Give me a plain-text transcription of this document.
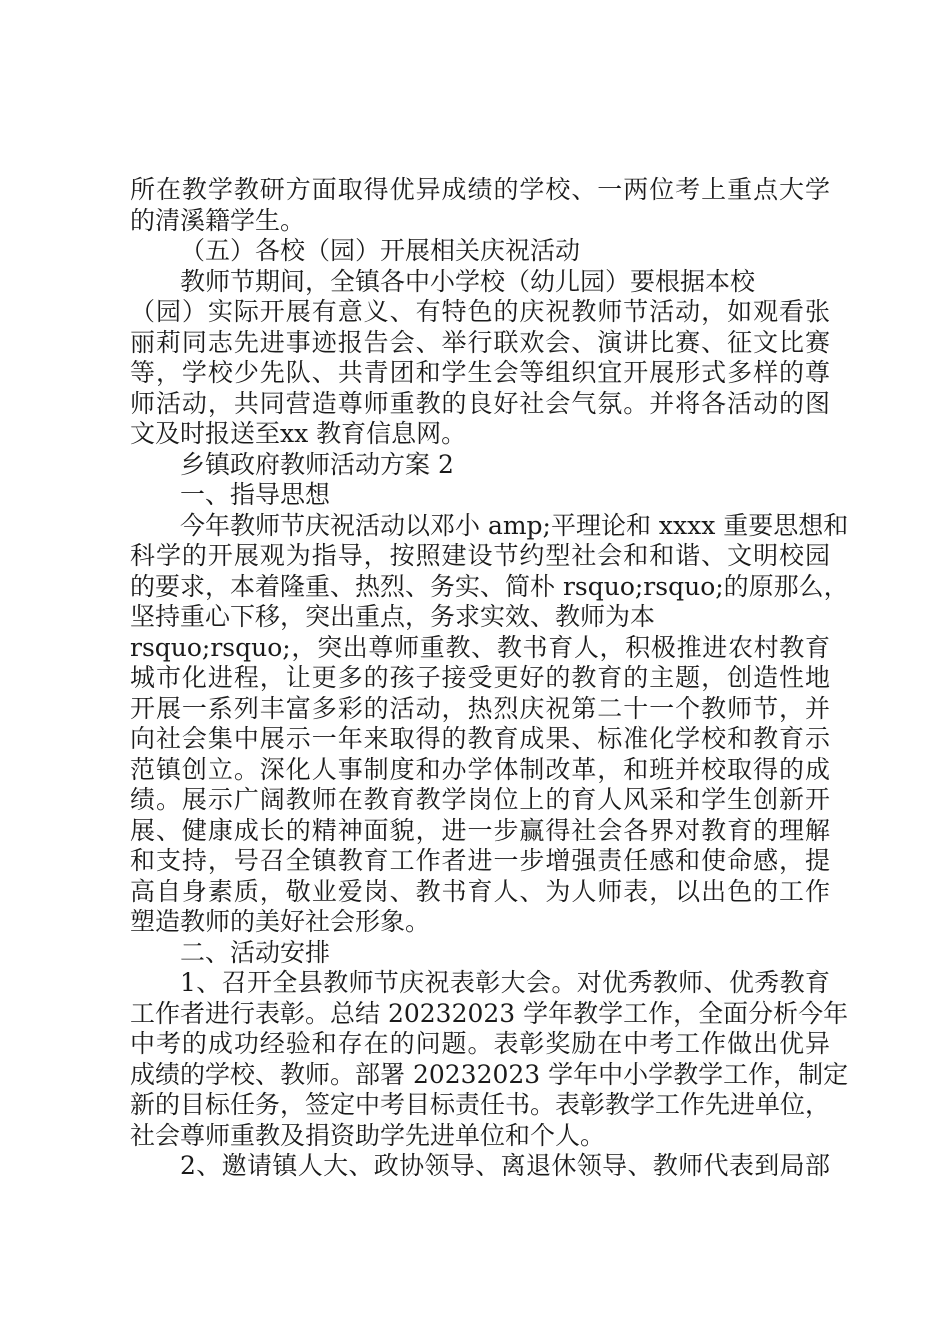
所在教学教研方面取得优异成绩的学校、一两位考上重点大学
的清溪籍学生。
（五）各校（园）开展相关庆祝活动
教师节期间，全镇各中小学校（幼儿园）要根据本校
（园）实际开展有意义、有特色的庆祝教师节活动，如观看张
丽莉同志先进事迹报告会、举行联欢会、演讲比赛、征文比赛
等，学校少先队、共青团和学生会等组织宜开展形式多样的尊
师活动，共同营造尊师重教的良好社会气氛。并将各活动的图
文及时报送至xx 教育信息网。
乡镇政府教师活动方案 2
一、指导思想
今年教师节庆祝活动以邓小 amp;平理论和 xxxx 重要思想和
科学的开展观为指导，按照建设节约型社会和和谐、文明校园
的要求，本着隆重、热烈、务实、简朴 rsquo;rsquo;的原那么，
坚持重心下移，突出重点，务求实效、教师为本
rsquo;rsquo;，突出尊师重教、教书育人，积极推进农村教育
城市化进程，让更多的孩子接受更好的教育的主题，创造性地
开展一系列丰富多彩的活动，热烈庆祝第二十一个教师节，并
向社会集中展示一年来取得的教育成果、标准化学校和教育示
范镇创立。深化人事制度和办学体制改革，和班并校取得的成
绩。展示广阔教师在教育教学岗位上的育人风采和学生创新开
展、健康成长的精神面貌，进一步赢得社会各界对教育的理解
和支持，号召全镇教育工作者进一步增强责任感和使命感，提
高自身素质，敬业爱岗、教书育人、为人师表，以出色的工作
塑造教师的美好社会形象。
二、活动安排
1、召开全县教师节庆祝表彰大会。对优秀教师、优秀教育
工作者进行表彰。总结 20232023 学年教学工作，全面分析今年
中考的成功经验和存在的问题。表彰奖励在中考工作做出优异
成绩的学校、教师。部署 20232023 学年中小学教学工作，制定
新的目标任务，签定中考目标责任书。表彰教学工作先进单位，
社会尊师重教及捐资助学先进单位和个人。
2、邀请镇人大、政协领导、离退休领导、教师代表到局部
